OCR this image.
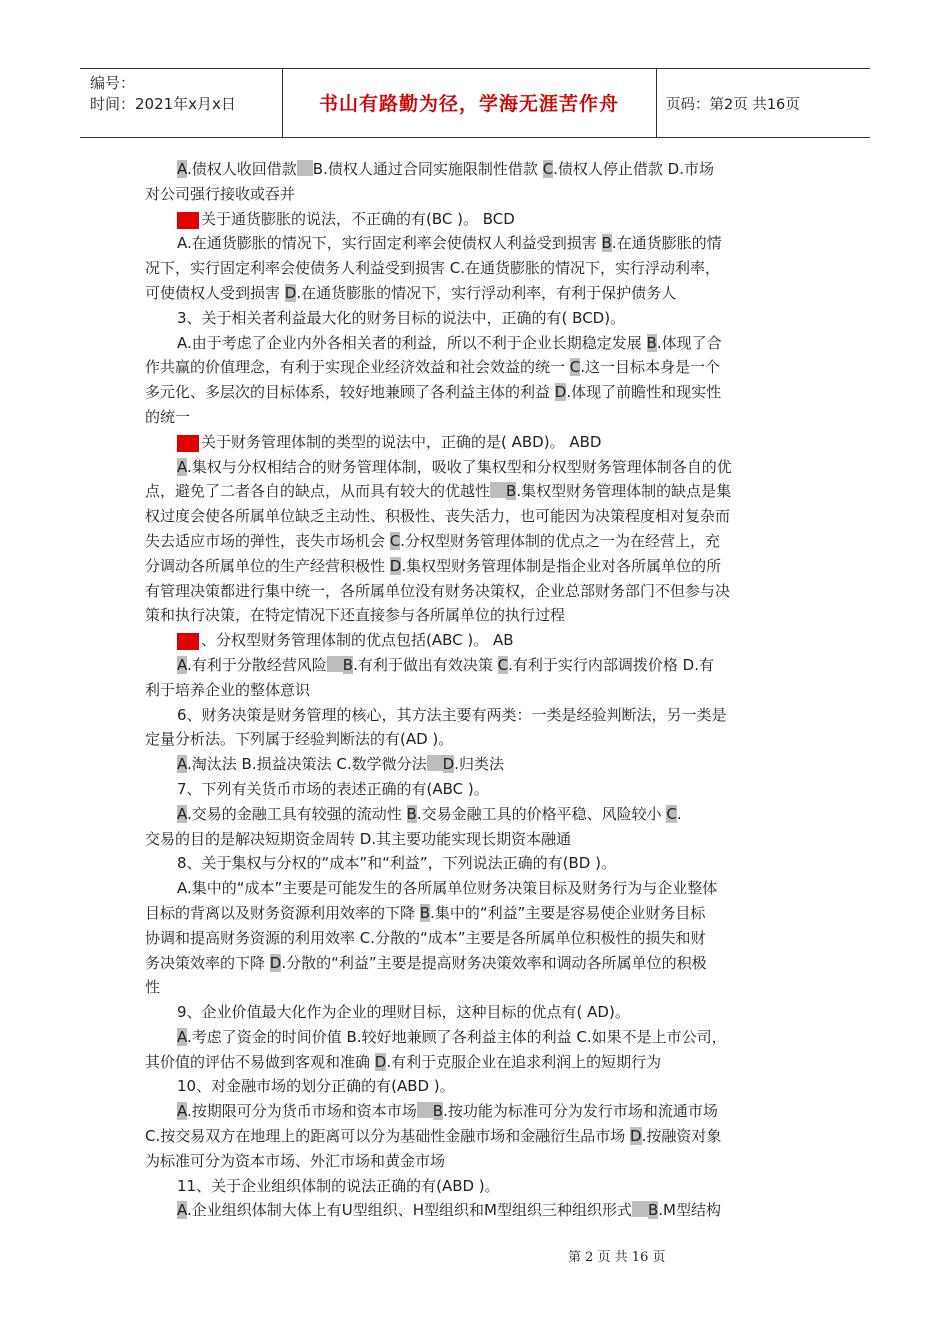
编号：
时间：2021年x月x日	书山有路勤为径，学海无涯苦作舟	页码：第2页 共16页

A.债权人收回借款 B.债权人通过合同实施限制性借款 C.债权人停止借款 D.市场

对公司强行接收或吞并

2 关于通货膨胀的说法，不正确的有(BC )。 BCD

A.在通货膨胀的情况下，实行固定利率会使债权人利益受到损害 B.在通货膨胀的情

况下，实行固定利率会使债务人利益受到损害 C.在通货膨胀的情况下，实行浮动利率，

可使债权人受到损害 D.在通货膨胀的情况下，实行浮动利率，有利于保护债务人

3、关于相关者利益最大化的财务目标的说法中，正确的有( BCD)。

A.由于考虑了企业内外各相关者的利益，所以不利于企业长期稳定发展 B.体现了合

作共赢的价值理念，有利于实现企业经济效益和社会效益的统一 C.这一目标本身是一个

多元化、多层次的目标体系，较好地兼顾了各利益主体的利益 D.体现了前瞻性和现实性

的统一

4 关于财务管理体制的类型的说法中，正确的是( ABD)。 ABD

A.集权与分权相结合的财务管理体制，吸收了集权型和分权型财务管理体制各自的优

点，避免了二者各自的缺点，从而具有较大的优越性 B.集权型财务管理体制的缺点是集

权过度会使各所属单位缺乏主动性、积极性、丧失活力，也可能因为决策程度相对复杂而

失去适应市场的弹性，丧失市场机会 C.分权型财务管理体制的优点之一为在经营上，充

分调动各所属单位的生产经营积极性 D.集权型财务管理体制是指企业对各所属单位的所

有管理决策都进行集中统一，各所属单位没有财务决策权，企业总部财务部门不但参与决

策和执行决策，在特定情况下还直接参与各所属单位的执行过程

5 、分权型财务管理体制的优点包括(ABC )。 AB

A.有利于分散经营风险 B.有利于做出有效决策 C.有利于实行内部调拨价格 D.有

利于培养企业的整体意识

6、财务决策是财务管理的核心，其方法主要有两类：一类是经验判断法，另一类是

定量分析法。下列属于经验判断法的有(AD )。

A.淘汰法 B.损益决策法 C.数学微分法 D.归类法

7、下列有关货币市场的表述正确的有(ABC )。

A.交易的金融工具有较强的流动性 B.交易金融工具的价格平稳、风险较小 C.

交易的目的是解决短期资金周转 D.其主要功能实现长期资本融通

8、关于集权与分权的“成本”和“利益”，下列说法正确的有(BD )。

A.集中的“成本”主要是可能发生的各所属单位财务决策目标及财务行为与企业整体

目标的背离以及财务资源利用效率的下降 B.集中的“利益”主要是容易使企业财务目标

协调和提高财务资源的利用效率 C.分散的“成本”主要是各所属单位积极性的损失和财

务决策效率的下降 D.分散的“利益”主要是提高财务决策效率和调动各所属单位的积极

性

9、企业价值最大化作为企业的理财目标，这种目标的优点有( AD)。

A.考虑了资金的时间价值 B.较好地兼顾了各利益主体的利益 C.如果不是上市公司，

其价值的评估不易做到客观和准确 D.有利于克服企业在追求利润上的短期行为

10、对金融市场的划分正确的有(ABD )。

A.按期限可分为货币市场和资本市场 B.按功能为标准可分为发行市场和流通市场

C.按交易双方在地理上的距离可以分为基础性金融市场和金融衍生品市场 D.按融资对象

为标准可分为资本市场、外汇市场和黄金市场

11、关于企业组织体制的说法正确的有(ABD )。

A.企业组织体制大体上有U型组织、H型组织和M型组织三种组织形式 B.M型结构

第 2 页 共 16 页
